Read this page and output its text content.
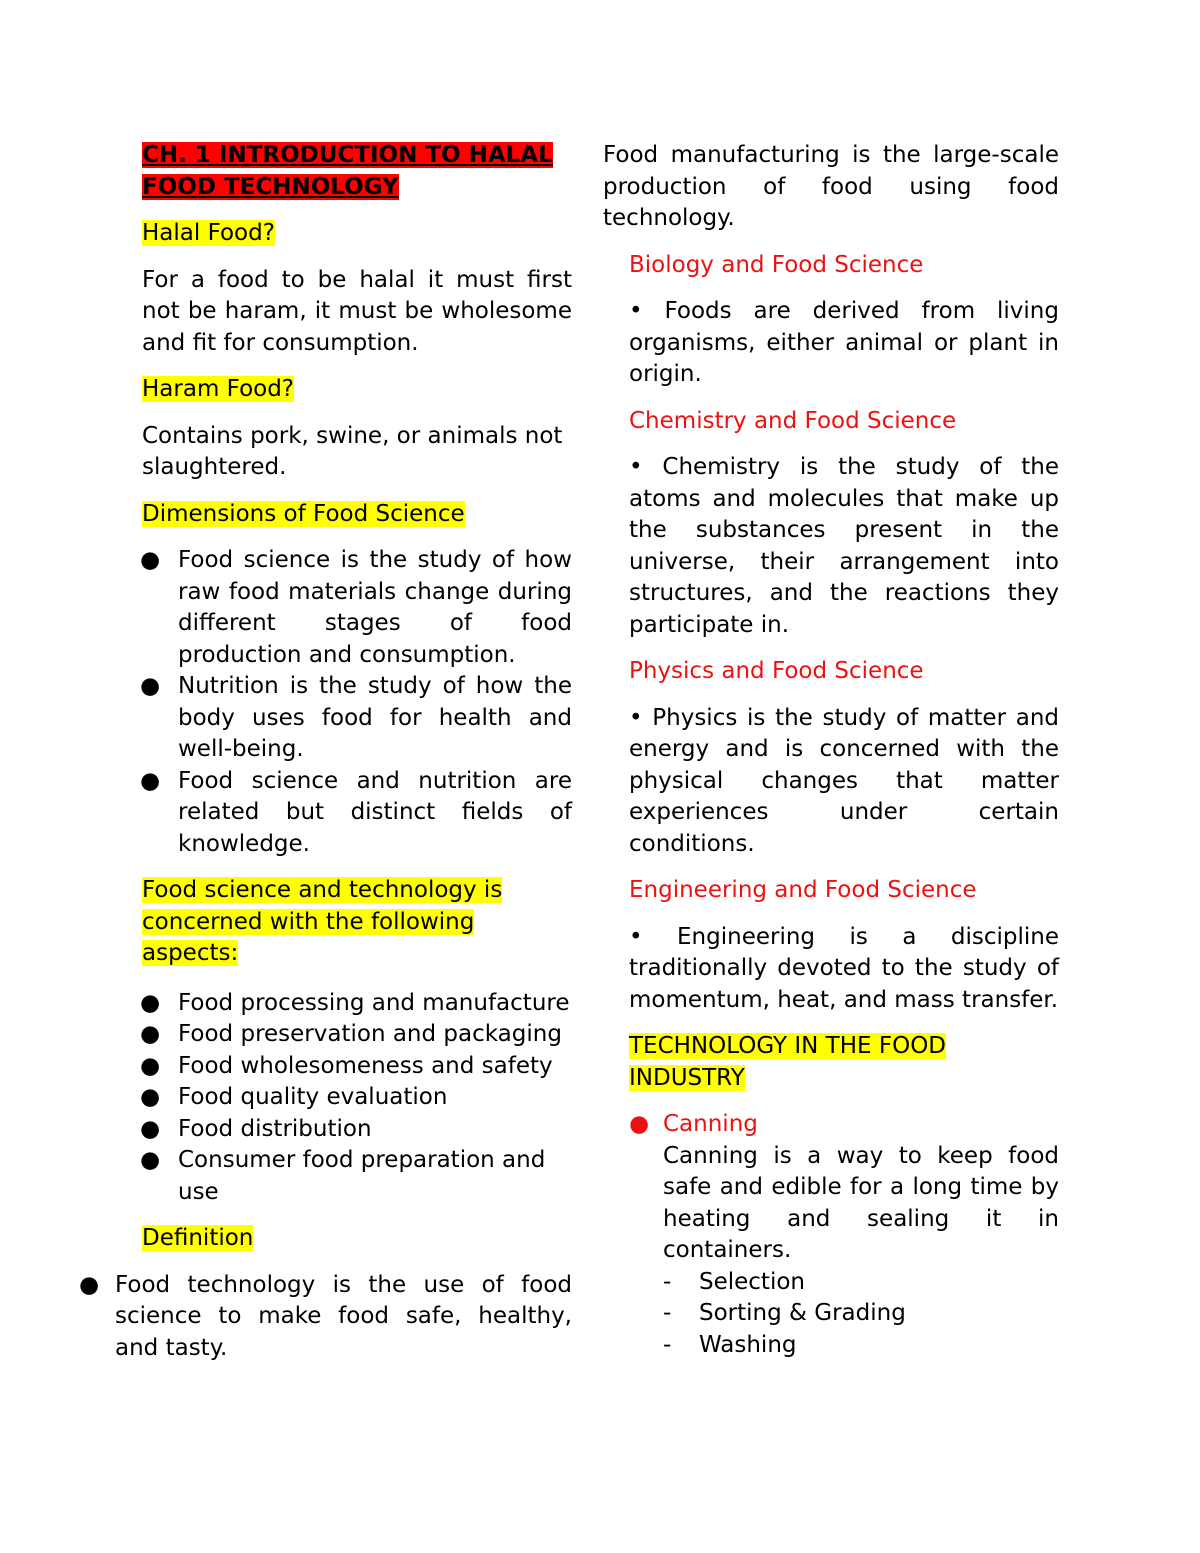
CH. 1 INTRODUCTION TO HALAL
FOOD TECHNOLOGY

Halal Food?

For a food to be halal it must first not be haram, it must be wholesome and fit for consumption.

Haram Food?

Contains pork, swine, or animals not slaughtered.

Dimensions of Food Science

● Food science is the study of how raw food materials change during different stages of food production and consumption.
● Nutrition is the study of how the body uses food for health and well-being.
● Food science and nutrition are related but distinct fields of knowledge.

Food science and technology is
concerned with the following
aspects:

● Food processing and manufacture
● Food preservation and packaging
● Food wholesomeness and safety
● Food quality evaluation
● Food distribution
● Consumer food preparation and use

Definition

● Food technology is the use of food science to make food safe, healthy, and tasty.

Food manufacturing is the large-scale production of food using food technology.

Biology and Food Science

• Foods are derived from living organisms, either animal or plant in origin.

Chemistry and Food Science

• Chemistry is the study of the atoms and molecules that make up the substances present in the universe, their arrangement into structures, and the reactions they participate in.

Physics and Food Science

• Physics is the study of matter and energy and is concerned with the physical changes that matter experiences under certain conditions.

Engineering and Food Science

• Engineering is a discipline traditionally devoted to the study of momentum, heat, and mass transfer.

TECHNOLOGY IN THE FOOD
INDUSTRY

● Canning

Canning is a way to keep food safe and edible for a long time by heating and sealing it in containers.

- Selection
- Sorting & Grading
- Washing
